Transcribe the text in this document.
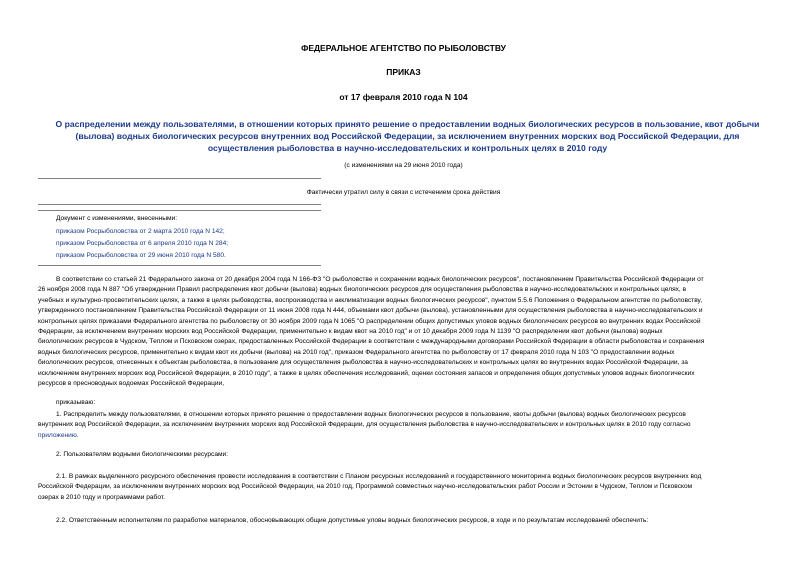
ФЕДЕРАЛЬНОЕ АГЕНТСТВО ПО РЫБОЛОВСТВУ
ПРИКАЗ
от 17 февраля 2010 года N 104
О распределении между пользователями, в отношении которых принято решение о предоставлении водных биологических ресурсов в пользование, квот добычи
(вылова) водных биологических ресурсов внутренних вод Российской Федерации, за исключением внутренних морских вод Российской Федерации, для
осуществления рыболовства в научно-исследовательских и контрольных целях в 2010 году
(с изменениями на 29 июня 2010 года)
Фактически утратил силу в связи с истечением срока действия
Документ с изменениями, внесенными:
приказом Росрыболовства от 2 марта 2010 года N 142;
приказом Росрыболовства от 6 апреля 2010 года N 284;
приказом Росрыболовства от 29 июня 2010 года N 580.

В соответствии со статьей 21 Федерального закона от 20 декабря 2004 года N 166-ФЗ "О рыболовстве и сохранении водных биологических ресурсов", постановлением Правительства Российской Федерации от

26 ноября 2008 года N 887 "Об утверждении Правил распределения квот добычи (вылова) водных биологических ресурсов для осуществления рыболовства в научно-исследовательских и контрольных целях, в

учебных и культурно-просветительских целях, а также в целях рыбоводства, воспроизводства и акклиматизации водных биологических ресурсов", пунктом 5.5.6 Положения о Федеральном агентстве по рыболовству,

утвержденного постановлением Правительства Российской Федерации от 11 июня 2008 года N 444, объемами квот добычи (вылова), установленными для осуществления рыболовства в научно-исследовательских и

контрольных целях приказами Федерального агентства по рыболовству от 30 ноября 2009 года N 1065 "О распределении общих допустимых уловов водных биологических ресурсов во внутренних водах Российской

Федерации, за исключением внутренних морских вод Российской Федерации, применительно к видам квот на 2010 год" и от 10 декабря 2009 года N 1139 "О распределении квот добычи (вылова) водных

биологических ресурсов в Чудском, Теплом и Псковском озерах, предоставленных Российской Федерации в соответствии с международными договорами Российской Федерации в области рыболовства и сохранения

водных биологических ресурсов, применительно к видам квот их добычи (вылова) на 2010 год", приказом Федерального агентства по рыболовству от 17 февраля 2010 года N 103 "О предоставлении водных

биологических ресурсов, отнесенных к объектам рыболовства, в пользование для осуществления рыболовства в научно-исследовательских и контрольных целях во внутренних водах Российской Федерации, за

исключением внутренних морских вод Российской Федерации, в 2010 году", а также в целях обеспечения исследований, оценки состояния запасов и определения общих допустимых уловов водных биологических

ресурсов в пресноводных водоемах Российской Федерации,

приказываю:

1. Распределить между пользователями, в отношении которых принято решение о предоставлении водных биологических ресурсов в пользование, квоты добычи (вылова) водных биологических ресурсов

внутренних вод Российской Федерации, за исключением внутренних морских вод Российской Федерации, для осуществления рыболовства в научно-исследовательских и контрольных целях в 2010 году согласно

приложению.

2. Пользователям водными биологическими ресурсами:

2.1. В рамках выделенного ресурсного обеспечения провести исследования в соответствии с Планом ресурсных исследований и государственного мониторинга водных биологических ресурсов внутренних вод

Российской Федерации, за исключением внутренних морских вод Российской Федерации, на 2010 год, Программой совместных научно-исследовательских работ России и Эстонии в Чудском, Теплом и Псковском

озерах в 2010 году и программами работ.

2.2. Ответственным исполнителям по разработке материалов, обосновывающих общие допустимые уловы водных биологических ресурсов, в ходе и по результатам исследований обеспечить:
